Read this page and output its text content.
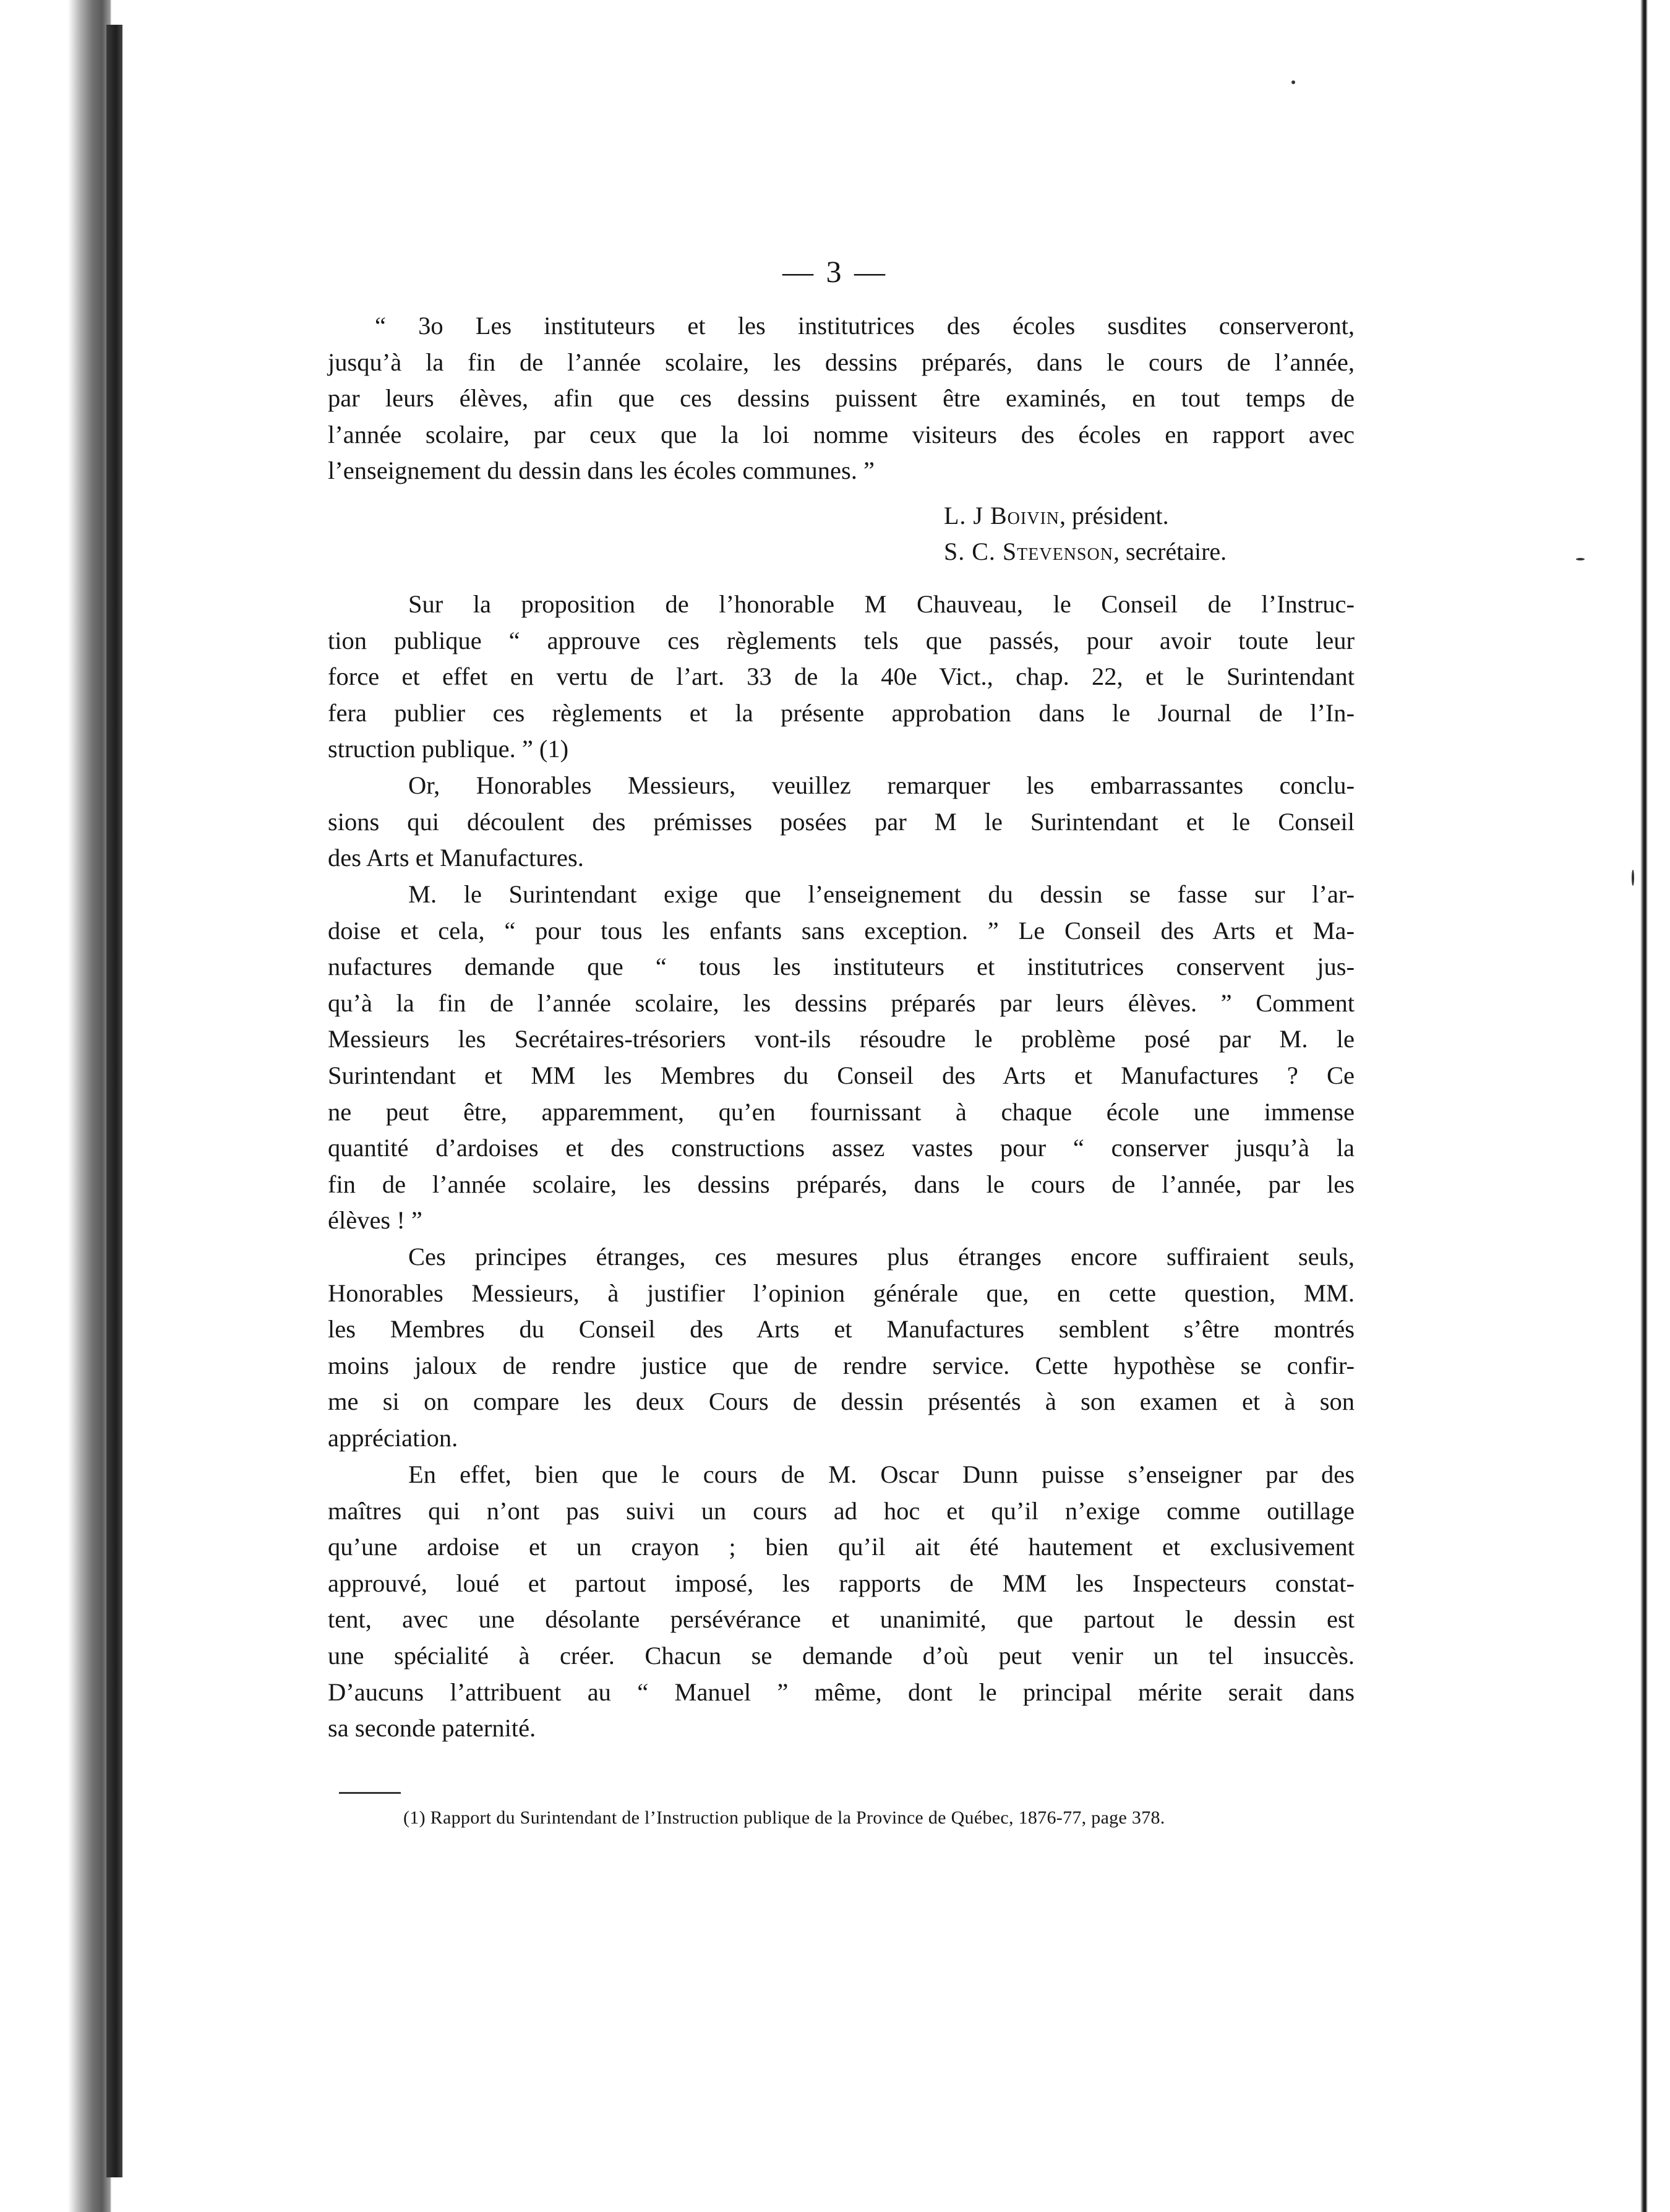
— 3 —
“ 3o Les instituteurs et les institutrices des écoles susdites conserveront,
jusqu’à la fin de l’année scolaire, les dessins préparés, dans le cours de l’année,
par leurs élèves, afin que ces dessins puissent être examinés, en tout temps de
l’année scolaire, par ceux que la loi nomme visiteurs des écoles en rapport avec
l’enseignement du dessin dans les écoles communes. ”
L. J Boivin, président.
S. C. Stevenson, secrétaire.
Sur la proposition de l’honorable M Chauveau, le Conseil de l’Instruc-
tion publique “ approuve ces règlements tels que passés, pour avoir toute leur
force et effet en vertu de l’art. 33 de la 40e Vict., chap. 22, et le Surintendant
fera publier ces règlements et la présente approbation dans le Journal de l’In-
struction publique. ” (1)
Or, Honorables Messieurs, veuillez remarquer les embarrassantes conclu-
sions qui découlent des prémisses posées par M le Surintendant et le Conseil
des Arts et Manufactures.
M. le Surintendant exige que l’enseignement du dessin se fasse sur l’ar-
doise et cela, “ pour tous les enfants sans exception. ” Le Conseil des Arts et Ma-
nufactures demande que “ tous les instituteurs et institutrices conservent jus-
qu’à la fin de l’année scolaire, les dessins préparés par leurs élèves. ” Comment
Messieurs les Secrétaires-trésoriers vont-ils résoudre le problème posé par M. le
Surintendant et MM les Membres du Conseil des Arts et Manufactures ? Ce
ne peut être, apparemment, qu’en fournissant à chaque école une immense
quantité d’ardoises et des constructions assez vastes pour “ conserver jusqu’à la
fin de l’année scolaire, les dessins préparés, dans le cours de l’année, par les
élèves ! ”
Ces principes étranges, ces mesures plus étranges encore suffiraient seuls,
Honorables Messieurs, à justifier l’opinion générale que, en cette question, MM.
les Membres du Conseil des Arts et Manufactures semblent s’être montrés
moins jaloux de rendre justice que de rendre service. Cette hypothèse se confir-
me si on compare les deux Cours de dessin présentés à son examen et à son
appréciation.
En effet, bien que le cours de M. Oscar Dunn puisse s’enseigner par des
maîtres qui n’ont pas suivi un cours ad hoc et qu’il n’exige comme outillage
qu’une ardoise et un crayon ; bien qu’il ait été hautement et exclusivement
approuvé, loué et partout imposé, les rapports de MM les Inspecteurs constat-
tent, avec une désolante persévérance et unanimité, que partout le dessin est
une spécialité à créer. Chacun se demande d’où peut venir un tel insuccès.
D’aucuns l’attribuent au “ Manuel ” même, dont le principal mérite serait dans
sa seconde paternité.
(1) Rapport du Surintendant de l’Instruction publique de la Province de Québec, 1876-77, page 378.
